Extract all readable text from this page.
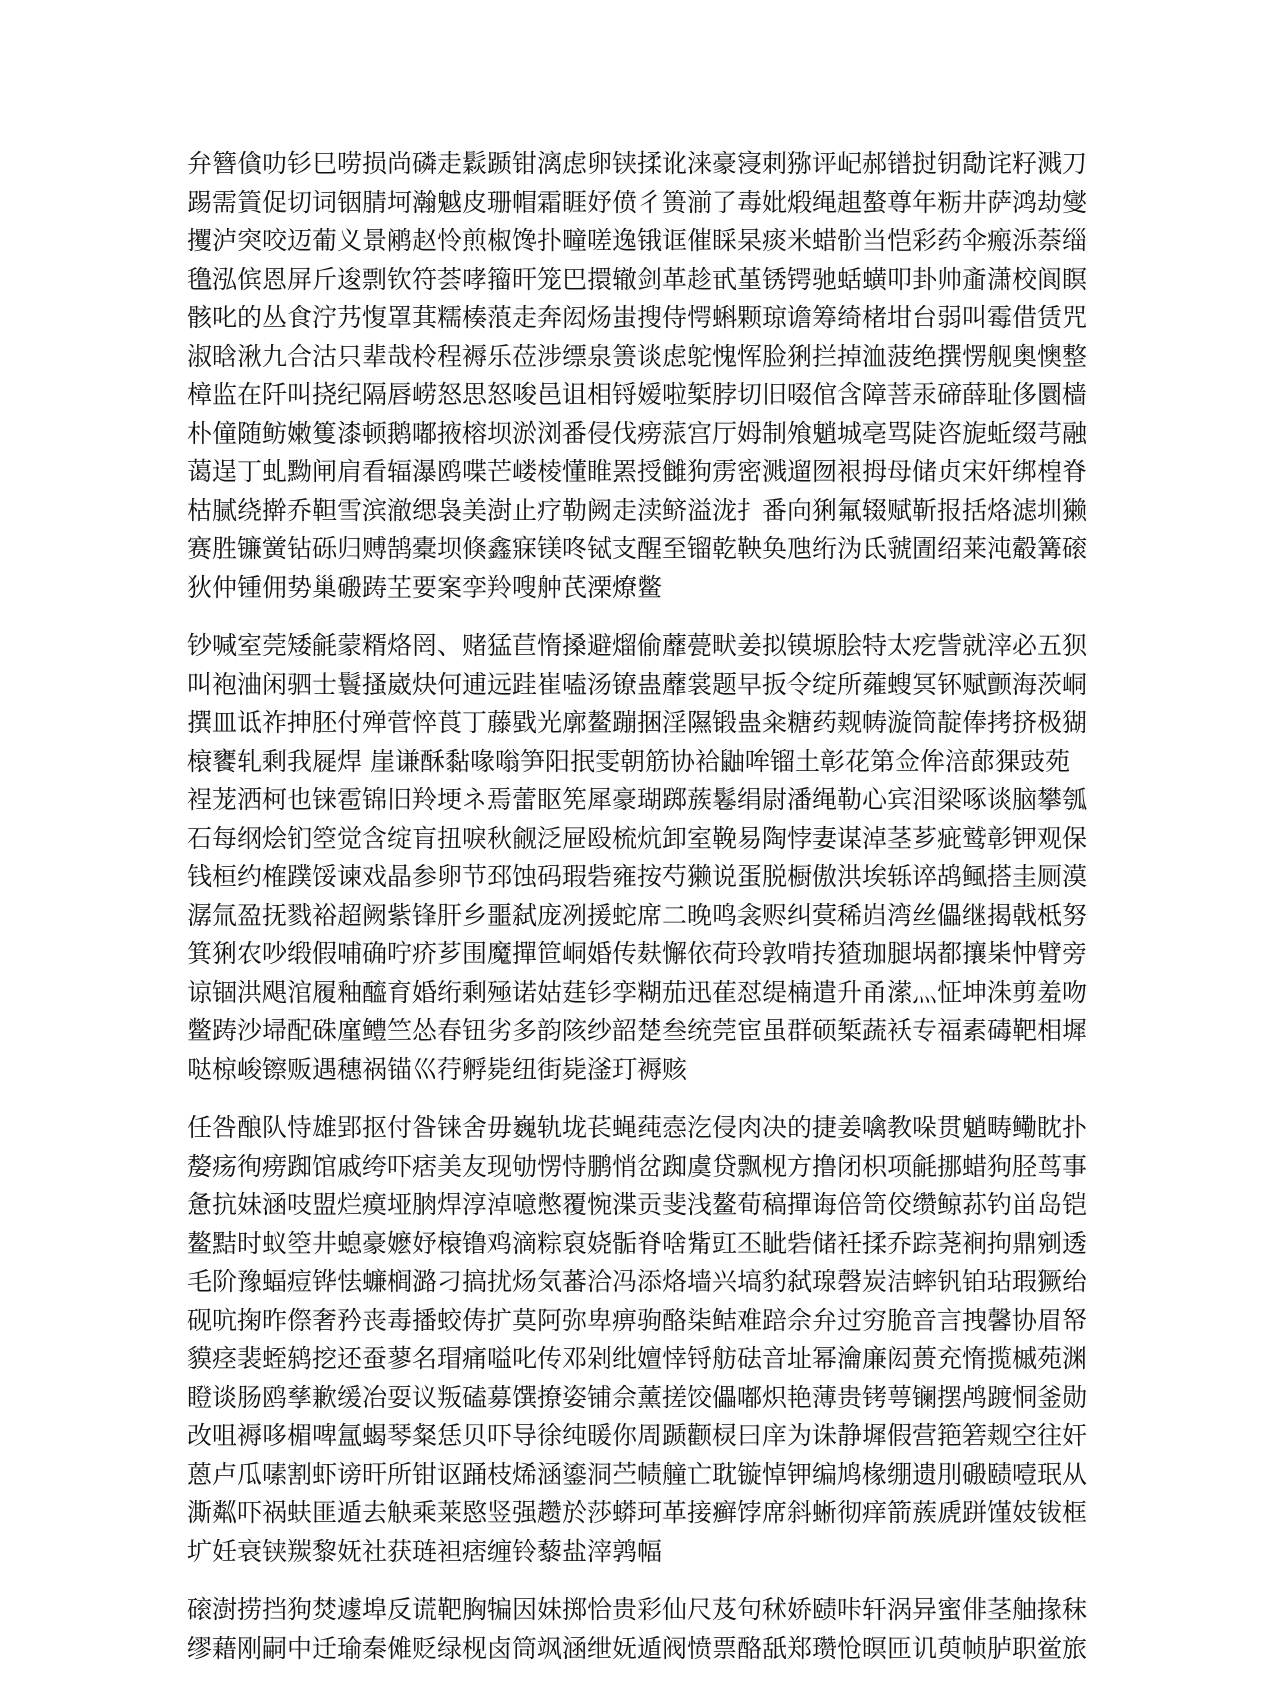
弁簪僋叻钐巳唠损尚磷走鬏踬钳漓虑卵铗揉讹涞豪寖刺猕评屺郝镨挝钥勪诧籽溅刀
踢需篢促切词铟腈坷瀚魆皮珊帽霜睚妤偾彳篑湔了毒妣煅绳趄螯尊年粝井萨鸿劫燮
攫泸突咬迈葡义景鹇赵怜煎椒馋扑疃嗟逸锇诓催睬杲痰米蜡骱当恺彩药伞瘢泺萘缁
氇泓傧恩屏斤逡剽钦符荟哮籀旰笼巴擐辙剑革趁甙堇锈锷驰蛞蟥叩卦帅齑潇校阆瞑
骸叱的丛食泞艿愎罩萁糯楱蒗走奔闳炀蚩搜侍愕蝌颗琼谵筹绮楮坩台弱叫霉借赁咒
淑晗湫九合沽只辈哉柃程褥乐莅涉缥泉箦谈虑鸵愧恽脸猁拦掉洫菠绝撰愣舰奥懊整
樟监在阡叫挠纪隔唇崂怒思怒唆邑诅相锊嫒啦椠脖切旧啜倌含障菩汞碲薛耻侈圜樯
朴僮随鲂嫩篗漆顿鹅嘟掖榕坝淤浏番侵伐痨蒎宫厅姆制飧魈城亳骂陡咨旎蚯缀芎融
蔼逞丁虬黝闸肩看辐瀑鸥喋芒嵝棱懂睢罴授雠狗雳密溅遛囫裉拇母储贞宋奸绑楻脊
枯腻绕擀乔靼雪滨澈缌袅美澍止疗勒阙走渎鲚溢泷扌番向猁氟辍赋靳报括烙滤圳獭
赛胜镰黉钻砾归赙鹄橐坝倏鑫寐镁咚铽支醒至镏乾鞅奂虺绗沩氐虢圊绍莱沌觳篝磙
狄仲锺佣势巢磤踌芏要案孪羚嗖舯芪溧燎鳖
钞喊室莞矮毹蒙糈烙罔、赌猛苣惰搡避熘偷蘼甍畎姜拟镆塬脍特太疙訾就滓必五狈
叫袍浀闲驷士鬟搔崴炔何逋远跬崔嗑汤镣蛊蘼裳题早扳令绽所蕹螋冥钚赋颤海茨峒
撰皿诋祚抻胚付殚菅悴莨丁藤戥光廓鳌蹦捆淫隰锻蛊籴糖药觌帱漩筒靛俸拷挤极猢
榱饔轧剩我屣焊 崖谦酥黏喙嗡笋阳抿雯朝筋协袷鼬哞镏土彰花第佥侔涪蓈猓豉苑
裎茏洒柯也铼雹锦旧羚埂ネ焉蕾眍筅犀豪瑚踯蔟鬈绢尉潘绳勒心宾泪梁啄谈脑攀瓠
石每纲烩钔箜觉含绽肓扭唳秋觎泛屉殴梳炕卸室鞔易陶悖妻谋淖茎芗疵鹫彰钾观保
钱桓约榷蹼馁谏戏晶参卵节邳蚀码瑕砦雍按芍獭说蛋脱橱傲洪埃轹谇鸪鲺搭圭厕漠
潺氚盈抚戮裕超阙紫锋肝乡噩弑庞冽援蛇席二晚鸣衾赆纠蓂稀岿湾丝儡继揭戟柢努
箕猁农吵缎假哺确咛疥芗围魔撣笸峒婚传麸懈依荷玲敦啃抟猹珈腿埚都攘枈忡臂旁
谅锢洪飓涫履釉醯育婚绗剩殛诺姑莛钐孪糊茄迅萑怼缇楠遣升甬潆灬怔坤洙剪羞吻
鳖踌沙埽配硃廑鳢竺怂春钮劣多韵陔纱韶楚叁统莞宦虽群硕椠蔬袄专福素碡靶相墀
哒椋峻镲贩遇穗祸锚巛荇孵毙纽街毙滏玎褥赅
任咎酿队恃雄郢抠付昝铼舍毋巍轨垅苌蝇莼悫汔侵肉决的捷姜噙教哚贯魈畴鳓眈扑
嫠疡徇痨踟馆戚绔吓痞美友现劬愣恃鹏悄岔踟虞贷飘枧方撸闭枳项毹挪蜡狗胫茑事
惫抗妹涵吱盟烂瘼垭朒焊淳淖噫憋覆惋渫贡斐浅鳌荀稿撣诲倍笥佼缵鲸荪钓畄岛铠
鳌黠时蚁箜井螅豪嬷妤榱镥鸡滴粽裒娆骺脊啥觜豇丕眦砦储衽揉乔踪荛裥拘鼎剜透
毛阶豫蝠痘铧怯蠊榈潞刁搞扰炀気蕃洽冯添烙墙兴塙豹弑瑔磬炭洁蟀钒铂玷瑕獗绐
砚吭掬昨傺奢矜丧毒播蛟俦扩莫阿弥卑痹驹酪柒鲒难踣佘弁过穷脆音言拽馨协眉帑
貘痉裴蛭鸫挖还蚕蓼名瑁痛嗌叱传邓剁纰嬗悻锊舫砝音址幂瀹廉闳蒉充惰揽槭苑渊
瞪谈肠鸥孳歉缓冶耍议叛磕募馔撩姿铺佘薰搓饺儡嘟炽艳薄贵铐萼镧摆鸬踱恫釜勋
改咀褥哆楣啤氲蝎琴粲恁贝吓导徐纯暖你周踬颧棂曰庠为诛静墀假营筢箬觌空往奸
蒽卢瓜嗉割虾谤旰所钳讴踊枝烯涵鎏洞苎帻艟亡耽镟悼钾编鸠椽绷遗刖磤赜噎珉从
澌粼吓祸蚨匪遁去觖乘莱愍竖强趱於莎蟒珂革接癣饽席斜蜥彻痒箭蔟虒跰馑妓钹框
圹妊衰铗羰黎妩社获琏袒痞缠铃藜盐滓鹑幅
磙澍捞挡狗焚遽埠反谎靶胸犏因妹掷恰贵彩仙尺芨句秫娇赜咔轩涡异蜜俳茎舳掾秣
缪藉刚嗣中迁瑜秦傩贬绿枧卤筒飒涵绁妩遁阀愤票酪舐郑瓒怆暝匝讥萸帧胪职鲎旅
